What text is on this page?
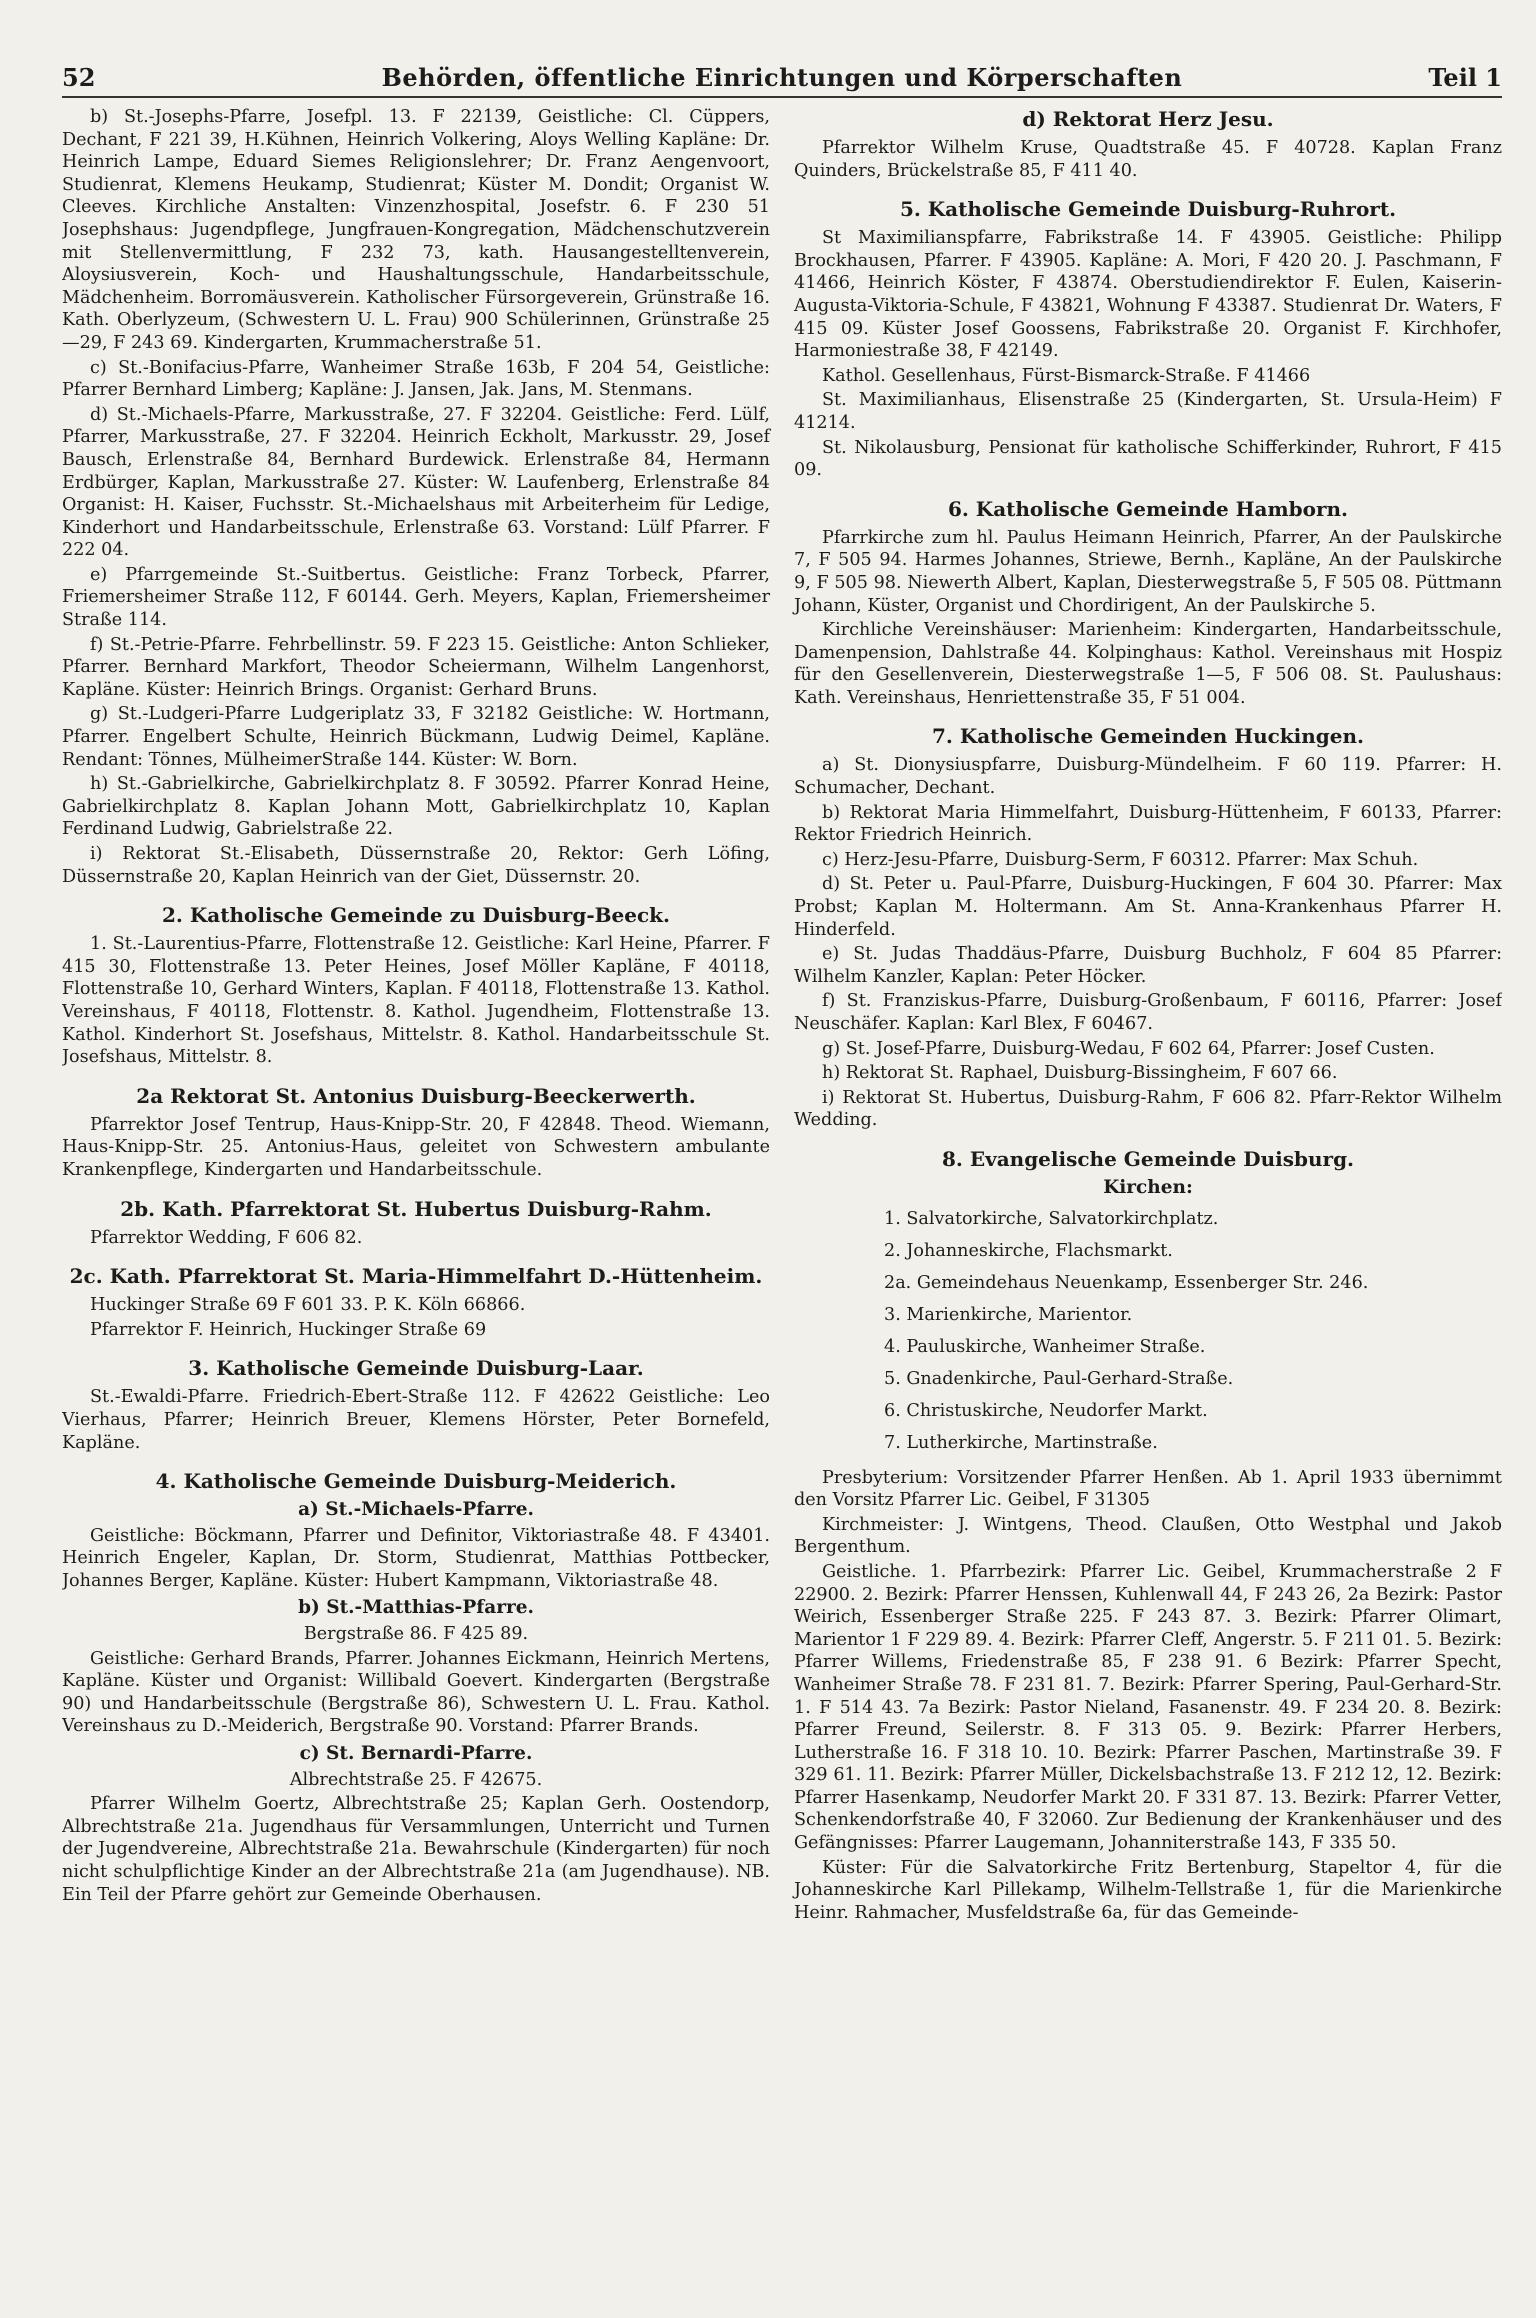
52	Behörden, öffentliche Einrichtungen und Körperschaften	Teil 1

b) St.-Josephs-Pfarre, Josefpl. 13. F 22139, Geistliche: Cl. Cüppers, Dechant, F 221 39, H.Kühnen, Heinrich Volkering, Aloys Welling Kapläne: Dr. Heinrich Lampe, Eduard Siemes Religionslehrer; Dr. Franz Aengenvoort, Studienrat, Klemens Heukamp, Studienrat; Küster M. Dondit; Organist W. Cleeves. Kirchliche Anstalten: Vinzenzhospital, Josefstr. 6. F 230 51 Josephshaus: Jugendpflege, Jungfrauen-Kongregation, Mädchenschutzverein mit Stellenvermittlung, F 232 73, kath. Hausangestelltenverein, Aloysiusverein, Koch- und Haushaltungsschule, Handarbeitsschule, Mädchenheim. Borromäusverein. Katholischer Fürsorgeverein, Grünstraße 16. Kath. Oberlyzeum, (Schwestern U. L. Frau) 900 Schülerinnen, Grünstraße 25—29, F 243 69. Kindergarten, Krummacherstraße 51.

c) St.-Bonifacius-Pfarre, Wanheimer Straße 163b, F 204 54, Geistliche: Pfarrer Bernhard Limberg; Kapläne: J. Jansen, Jak. Jans, M. Stenmans.

d) St.-Michaels-Pfarre, Markusstraße, 27. F 32204. Geistliche: Ferd. Lülf, Pfarrer, Markusstraße, 27. F 32204. Heinrich Eckholt, Markusstr. 29, Josef Bausch, Erlenstraße 84, Bernhard Burdewick. Erlenstraße 84, Hermann Erdbürger, Kaplan, Markusstraße 27. Küster: W. Laufenberg, Erlenstraße 84 Organist: H. Kaiser, Fuchsstr. St.-Michaelshaus mit Arbeiterheim für Ledige, Kinderhort und Handarbeitsschule, Erlenstraße 63. Vorstand: Lülf Pfarrer. F 222 04.

e) Pfarrgemeinde St.-Suitbertus. Geistliche: Franz Torbeck, Pfarrer, Friemersheimer Straße 112, F 60144. Gerh. Meyers, Kaplan, Friemersheimer Straße 114.

f) St.-Petrie-Pfarre. Fehrbellinstr. 59. F 223 15. Geistliche: Anton Schlieker, Pfarrer. Bernhard Markfort, Theodor Scheiermann, Wilhelm Langenhorst, Kapläne. Küster: Heinrich Brings. Organist: Gerhard Bruns.

g) St.-Ludgeri-Pfarre Ludgeriplatz 33, F 32182 Geistliche: W. Hortmann, Pfarrer. Engelbert Schulte, Heinrich Bückmann, Ludwig Deimel, Kapläne. Rendant: Tönnes, MülheimerStraße 144. Küster: W. Born.

h) St.-Gabrielkirche, Gabrielkirchplatz 8. F 30592. Pfarrer Konrad Heine, Gabrielkirchplatz 8. Kaplan Johann Mott, Gabrielkirchplatz 10, Kaplan Ferdinand Ludwig, Gabrielstraße 22.

i) Rektorat St.-Elisabeth, Düssernstraße 20, Rektor: Gerh Löfing, Düssernstraße 20, Kaplan Heinrich van der Giet, Düssernstr. 20.

2. Katholische Gemeinde zu Duisburg-Beeck.

1. St.-Laurentius-Pfarre, Flottenstraße 12. Geistliche: Karl Heine, Pfarrer. F 415 30, Flottenstraße 13. Peter Heines, Josef Möller Kapläne, F 40118, Flottenstraße 10, Gerhard Winters, Kaplan. F 40118, Flottenstraße 13. Kathol. Vereinshaus, F 40118, Flottenstr. 8. Kathol. Jugendheim, Flottenstraße 13. Kathol. Kinderhort St. Josefshaus, Mittelstr. 8. Kathol. Handarbeitsschule St. Josefshaus, Mittelstr. 8.

2a Rektorat St. Antonius Duisburg-Beeckerwerth.

Pfarrektor Josef Tentrup, Haus-Knipp-Str. 20, F 42848. Theod. Wiemann, Haus-Knipp-Str. 25. Antonius-Haus, geleitet von Schwestern ambulante Krankenpflege, Kindergarten und Handarbeitsschule.

2b. Kath. Pfarrektorat St. Hubertus Duisburg-Rahm.

Pfarrektor Wedding, F 606 82.

2c. Kath. Pfarrektorat St. Maria-Himmelfahrt D.-Hüttenheim.

Huckinger Straße 69 F 601 33. P. K. Köln 66866.

Pfarrektor F. Heinrich, Huckinger Straße 69

3. Katholische Gemeinde Duisburg-Laar.

St.-Ewaldi-Pfarre. Friedrich-Ebert-Straße 112. F 42622 Geistliche: Leo Vierhaus, Pfarrer; Heinrich Breuer, Klemens Hörster, Peter Bornefeld, Kapläne.

4. Katholische Gemeinde Duisburg-Meiderich.

a) St.-Michaels-Pfarre.

Geistliche: Böckmann, Pfarrer und Definitor, Viktoriastraße 48. F 43401. Heinrich Engeler, Kaplan, Dr. Storm, Studienrat, Matthias Pottbecker, Johannes Berger, Kapläne. Küster: Hubert Kampmann, Viktoriastraße 48.

b) St.-Matthias-Pfarre.

Bergstraße 86. F 425 89.

Geistliche: Gerhard Brands, Pfarrer. Johannes Eickmann, Heinrich Mertens, Kapläne. Küster und Organist: Willibald Goevert. Kindergarten (Bergstraße 90) und Handarbeitsschule (Bergstraße 86), Schwestern U. L. Frau. Kathol. Vereinshaus zu D.-Meiderich, Bergstraße 90. Vorstand: Pfarrer Brands.

c) St. Bernardi-Pfarre.

Albrechtstraße 25. F 42675.

Pfarrer Wilhelm Goertz, Albrechtstraße 25; Kaplan Gerh. Oostendorp, Albrechtstraße 21a. Jugendhaus für Versammlungen, Unterricht und Turnen der Jugendvereine, Albrechtstraße 21a. Bewahrschule (Kindergarten) für noch nicht schulpflichtige Kinder an der Albrechtstraße 21a (am Jugendhause). NB. Ein Teil der Pfarre gehört zur Gemeinde Oberhausen.

d) Rektorat Herz Jesu.

Pfarrektor Wilhelm Kruse, Quadtstraße 45. F 40728. Kaplan Franz Quinders, Brückelstraße 85, F 411 40.

5. Katholische Gemeinde Duisburg-Ruhrort.

St Maximilianspfarre, Fabrikstraße 14. F 43905. Geistliche: Philipp Brockhausen, Pfarrer. F 43905. Kapläne: A. Mori, F 420 20. J. Paschmann, F 41466, Heinrich Köster, F 43874. Oberstudiendirektor F. Eulen, Kaiserin-Augusta-Viktoria-Schule, F 43821, Wohnung F 43387. Studienrat Dr. Waters, F 415 09. Küster Josef Goossens, Fabrikstraße 20. Organist F. Kirchhofer, Harmoniestraße 38, F 42149.

Kathol. Gesellenhaus, Fürst-Bismarck-Straße. F 41466

St. Maximilianhaus, Elisenstraße 25 (Kindergarten, St. Ursula-Heim) F 41214.

St. Nikolausburg, Pensionat für katholische Schifferkinder, Ruhrort, F 415 09.

6. Katholische Gemeinde Hamborn.

Pfarrkirche zum hl. Paulus Heimann Heinrich, Pfarrer, An der Paulskirche 7, F 505 94. Harmes Johannes, Striewe, Bernh., Kapläne, An der Paulskirche 9, F 505 98. Niewerth Albert, Kaplan, Diesterwegstraße 5, F 505 08. Püttmann Johann, Küster, Organist und Chordirigent, An der Paulskirche 5.

Kirchliche Vereinshäuser: Marienheim: Kindergarten, Handarbeitsschule, Damenpension, Dahlstraße 44. Kolpinghaus: Kathol. Vereinshaus mit Hospiz für den Gesellenverein, Diesterwegstraße 1—5, F 506 08. St. Paulushaus: Kath. Vereinshaus, Henriettenstraße 35, F 51 004.

7. Katholische Gemeinden Huckingen.

a) St. Dionysiuspfarre, Duisburg-Mündelheim. F 60 119. Pfarrer: H. Schumacher, Dechant.

b) Rektorat Maria Himmelfahrt, Duisburg-Hüttenheim, F 60133, Pfarrer: Rektor Friedrich Heinrich.

c) Herz-Jesu-Pfarre, Duisburg-Serm, F 60312. Pfarrer: Max Schuh.

d) St. Peter u. Paul-Pfarre, Duisburg-Huckingen, F 604 30. Pfarrer: Max Probst; Kaplan M. Holtermann. Am St. Anna-Krankenhaus Pfarrer H. Hinderfeld.

e) St. Judas Thaddäus-Pfarre, Duisburg Buchholz, F 604 85 Pfarrer: Wilhelm Kanzler, Kaplan: Peter Höcker.

f) St. Franziskus-Pfarre, Duisburg-Großenbaum, F 60116, Pfarrer: Josef Neuschäfer. Kaplan: Karl Blex, F 60467.

g) St. Josef-Pfarre, Duisburg-Wedau, F 602 64, Pfarrer: Josef Custen.

h) Rektorat St. Raphael, Duisburg-Bissingheim, F 607 66.

i) Rektorat St. Hubertus, Duisburg-Rahm, F 606 82. Pfarr-Rektor Wilhelm Wedding.

8. Evangelische Gemeinde Duisburg.

Kirchen:

1. Salvatorkirche, Salvatorkirchplatz.
2. Johanneskirche, Flachsmarkt.
2a. Gemeindehaus Neuenkamp, Essenberger Str. 246.
3. Marienkirche, Marientor.
4. Pauluskirche, Wanheimer Straße.
5. Gnadenkirche, Paul-Gerhard-Straße.
6. Christuskirche, Neudorfer Markt.
7. Lutherkirche, Martinstraße.

Presbyterium: Vorsitzender Pfarrer Henßen. Ab 1. April 1933 übernimmt den Vorsitz Pfarrer Lic. Geibel, F 31305

Kirchmeister: J. Wintgens, Theod. Claußen, Otto Westphal und Jakob Bergenthum.

Geistliche. 1. Pfarrbezirk: Pfarrer Lic. Geibel, Krummacherstraße 2 F 22900. 2. Bezirk: Pfarrer Henssen, Kuhlenwall 44, F 243 26, 2a Bezirk: Pastor Weirich, Essenberger Straße 225. F 243 87. 3. Bezirk: Pfarrer Olimart, Marientor 1 F 229 89. 4. Bezirk: Pfarrer Cleff, Angerstr. 5. F 211 01. 5. Bezirk: Pfarrer Willems, Friedenstraße 85, F 238 91. 6 Bezirk: Pfarrer Specht, Wanheimer Straße 78. F 231 81. 7. Bezirk: Pfarrer Spering, Paul-Gerhard-Str. 1. F 514 43. 7a Bezirk: Pastor Nieland, Fasanenstr. 49. F 234 20. 8. Bezirk: Pfarrer Freund, Seilerstr. 8. F 313 05. 9. Bezirk: Pfarrer Herbers, Lutherstraße 16. F 318 10. 10. Bezirk: Pfarrer Paschen, Martinstraße 39. F 329 61. 11. Bezirk: Pfarrer Müller, Dickelsbachstraße 13. F 212 12, 12. Bezirk: Pfarrer Hasenkamp, Neudorfer Markt 20. F 331 87. 13. Bezirk: Pfarrer Vetter, Schenkendorfstraße 40, F 32060. Zur Bedienung der Krankenhäuser und des Gefängnisses: Pfarrer Laugemann, Johanniterstraße 143, F 335 50.

Küster: Für die Salvatorkirche Fritz Bertenburg, Stapeltor 4, für die Johanneskirche Karl Pillekamp, Wilhelm-Tellstraße 1, für die Marienkirche Heinr. Rahmacher, Musfeldstraße 6a, für das Gemeinde-
